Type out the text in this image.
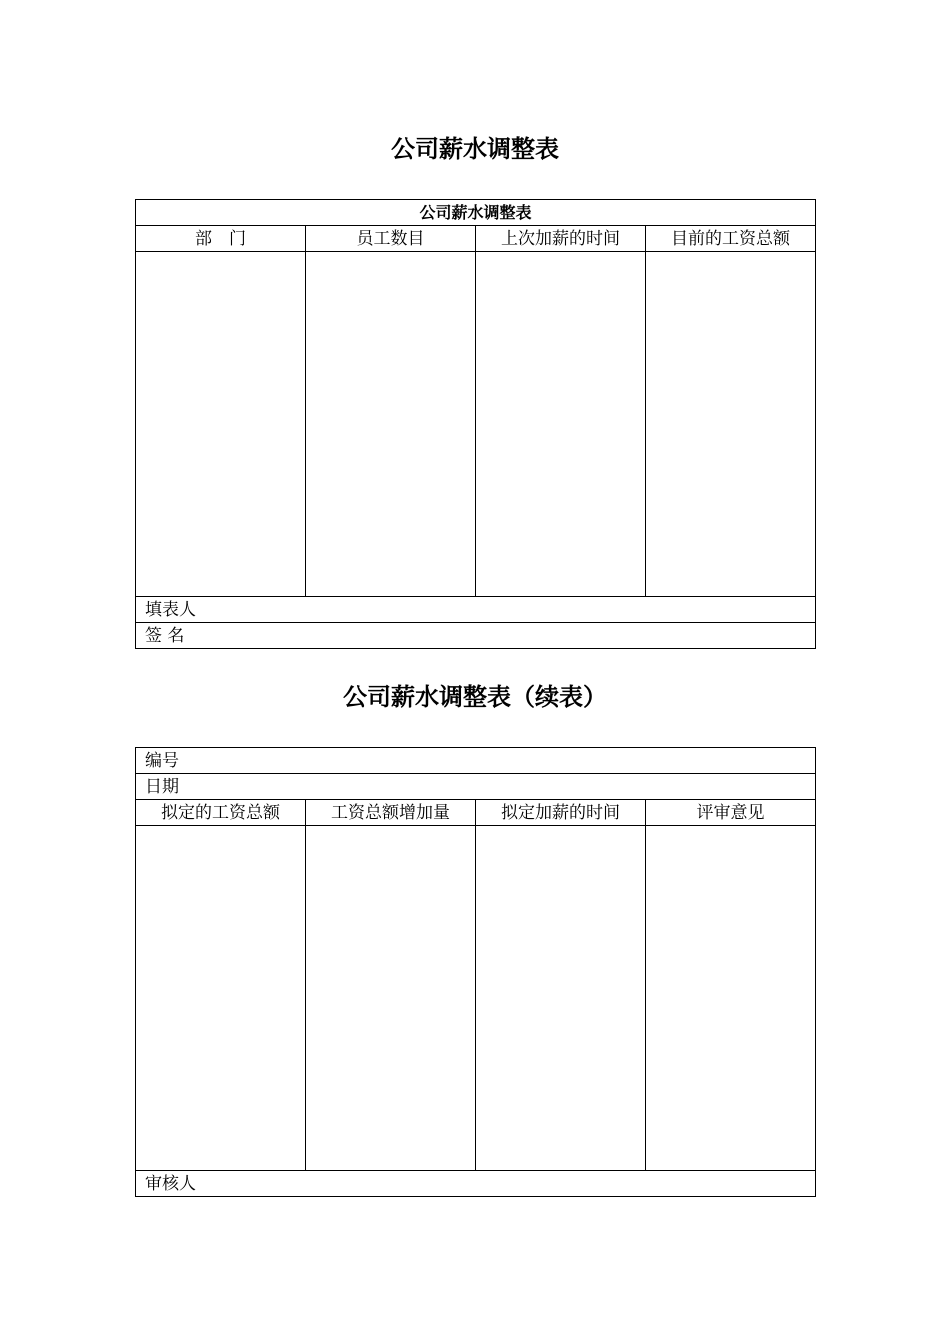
公司薪水调整表
公司薪水调整表			
部　门	员工数目	上次加薪的时间	目前的工资总额

填表人			
签 名			
公司薪水调整表（续表）
编号			
日期			
拟定的工资总额	工资总额增加量	拟定加薪的时间	评审意见

审核人			
